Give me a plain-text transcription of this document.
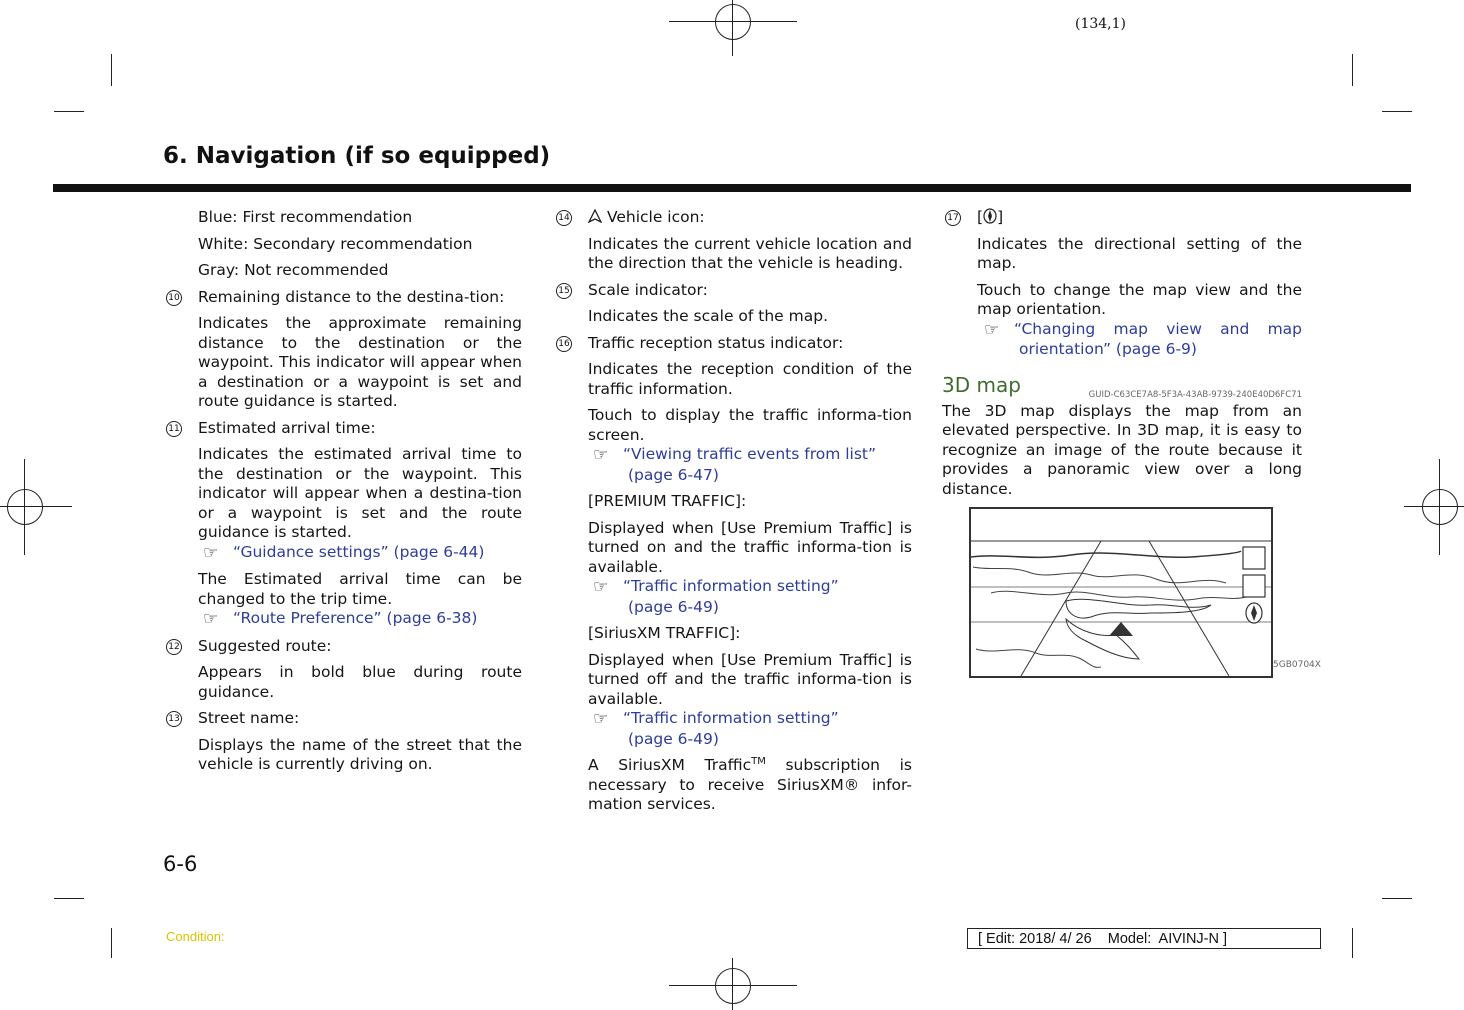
(134,1)
6. Navigation (if so equipped)
Blue: First recommendation
White: Secondary recommendation
Gray: Not recommended
10 Remaining distance to the destina-tion:
Indicates the approximate remaining distance to the destination or the waypoint. This indicator will appear when a destination or a waypoint is set and route guidance is started.
11 Estimated arrival time:
Indicates the estimated arrival time to the destination or the waypoint. This indicator will appear when a destina-tion or a waypoint is set and the route guidance is started.
☞ “Guidance settings” (page 6-44)
The Estimated arrival time can be changed to the trip time.
☞ “Route Preference” (page 6-38)
12 Suggested route:
Appears in bold blue during route guidance.
13 Street name:
Displays the name of the street that the vehicle is currently driving on.
14 Vehicle icon:
Indicates the current vehicle location and the direction that the vehicle is heading.
15 Scale indicator:
Indicates the scale of the map.
16 Traffic reception status indicator:
Indicates the reception condition of the traffic information.
Touch to display the traffic informa-tion screen.
☞ “Viewing traffic events from list”
(page 6-47)
[PREMIUM TRAFFIC]:
Displayed when [Use Premium Traffic] is turned on and the traffic informa-tion is available.
☞ “Traffic information setting”
(page 6-49)
[SiriusXM TRAFFIC]:
Displayed when [Use Premium Traffic] is turned off and the traffic informa-tion is available.
☞ “Traffic information setting”
(page 6-49)
A SiriusXM Traffic™ subscription is necessary to receive SiriusXM® infor-mation services.
17 [ ]
Indicates the directional setting of the map.
Touch to change the map view and the map orientation.
☞ “Changing map view and map
orientation” (page 6-9)
3D map	GUID-C63CE7A8-5F3A-43AB-9739-240E40D6FC71
The 3D map displays the map from an elevated perspective. In 3D map, it is easy to recognize an image of the route because it provides a panoramic view over a long distance.
5GB0704X
6-6
Condition:	[ Edit: 2018/ 4/ 26    Model:  AIVINJ-N ]
